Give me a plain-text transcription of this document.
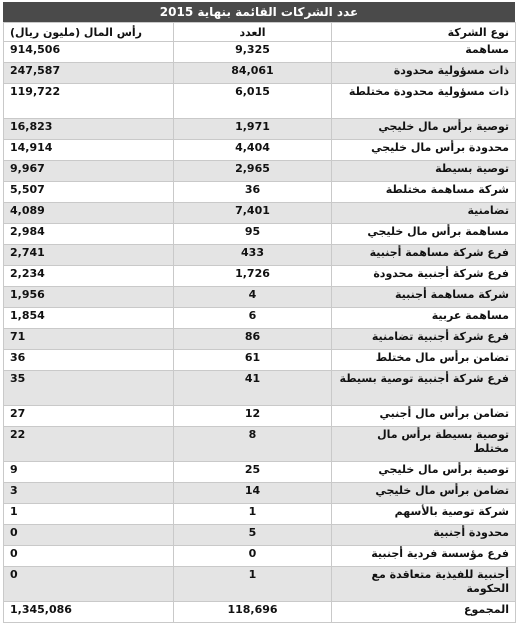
عدد الشركات القائمة بنهاية 2015
نوع الشركة	العدد	رأس المال (مليون ريال)
مساهمة	9,325	914,506
ذات مسؤولية محدودة	84,061	247,587
ذات مسؤولية محدودة مختلطة	6,015	119,722
توصية برأس مال خليجي	1,971	16,823
محدودة برأس مال خليجي	4,404	14,914
توصية بسيطة	2,965	9,967
شركة مساهمة مختلطة	36	5,507
تضامنية	7,401	4,089
مساهمة برأس مال خليجي	95	2,984
فرع شركة مساهمة أجنبية	433	2,741
فرع شركة أجنبية محدودة	1,726	2,234
شركة مساهمة أجنبية	4	1,956
مساهمة عربية	6	1,854
فرع شركة أجنبية تضامنية	86	71
تضامن برأس مال مختلط	61	36
فرع شركة أجنبية توصية بسيطة	41	35
تضامن برأس مال أجنبي	12	27
توصية بسيطة برأس مال مختلط	8	22
توصية برأس مال خليجي	25	9
تضامن برأس مال خليجي	14	3
شركة توصية بالأسهم	1	1
محدودة أجنبية	5	0
فرع مؤسسة فردية أجنبية	0	0
أجنبية للفيذية متعاقدة مع الحكومة	1	0
المجموع	118,696	1,345,086
